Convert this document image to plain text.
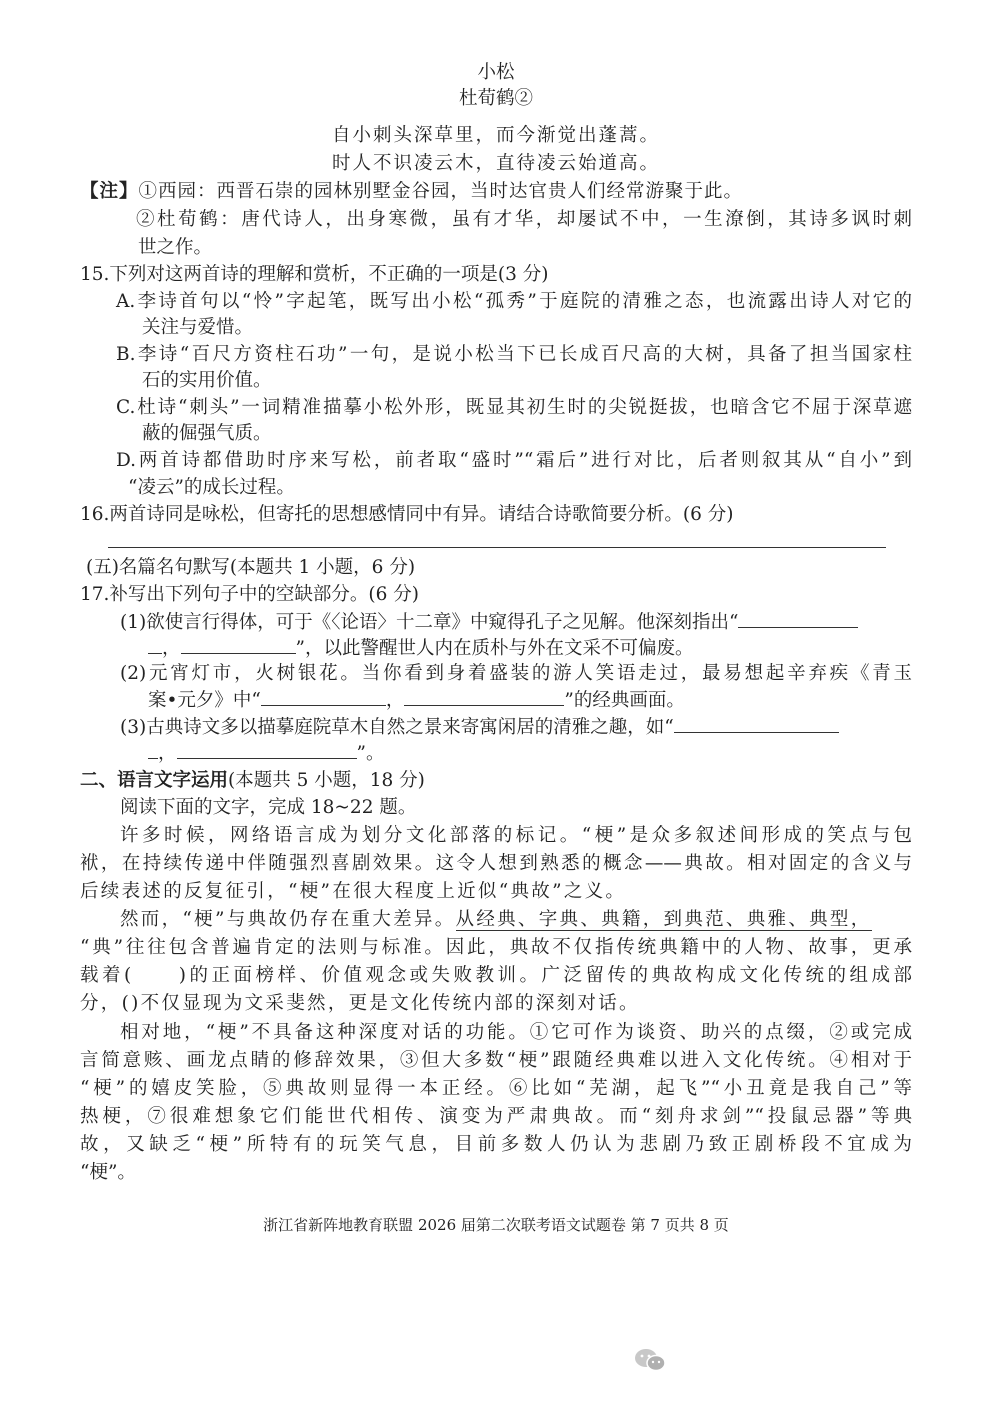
小松
杜荀鹤②
自小刺头深草里，而今渐觉出蓬蒿。
时人不识凌云木，直待凌云始道高。
【注】①西园：西晋石崇的园林别墅金谷园，当时达官贵人们经常游聚于此。
②杜荀鹤：唐代诗人，出身寒微，虽有才华，却屡试不中，一生潦倒，其诗多讽时刺
世之作。
15.下列对这两首诗的理解和赏析，不正确的一项是(3 分)
A.李诗首句以“怜”字起笔，既写出小松“孤秀”于庭院的清雅之态，也流露出诗人对它的
关注与爱惜。
B.李诗“百尺方资柱石功”一句，是说小松当下已长成百尺高的大树，具备了担当国家柱
石的实用价值。
C.杜诗“刺头”一词精准描摹小松外形，既显其初生时的尖锐挺拔，也暗含它不屈于深草遮
蔽的倔强气质。
D.两首诗都借助时序来写松，前者取“盛时”“霜后”进行对比，后者则叙其从“自小”到
“凌云”的成长过程。
16.两首诗同是咏松，但寄托的思想感情同中有异。请结合诗歌简要分析。(6 分)
(五)名篇名句默写(本题共 1 小题，6 分)
17.补写出下列句子中的空缺部分。(6 分)
(1)欲使言行得体，可于《〈论语〉十二章》中窥得孔子之见解。他深刻指出“
，	”，以此警醒世人内在质朴与外在文采不可偏废。
(2)元宵灯市，火树银花。当你看到身着盛装的游人笑语走过，最易想起辛弃疾《青玉
案•元夕》中“	，	”的经典画面。
(3)古典诗文多以描摹庭院草木自然之景来寄寓闲居的清雅之趣，如“
，	”。
二、语言文字运用(本题共 5 小题，18 分)
阅读下面的文字，完成 18~22 题。
许多时候，网络语言成为划分文化部落的标记。“梗”是众多叙述间形成的笑点与包
袱，在持续传递中伴随强烈喜剧效果。这令人想到熟悉的概念——典故。相对固定的含义与
后续表述的反复征引，“梗”在很大程度上近似“典故”之义。
然而，“梗”与典故仍存在重大差异。从经典、字典、典籍，到典范、典雅、典型，
“典”往往包含普遍肯定的法则与标准。因此，典故不仅指传统典籍中的人物、故事，更承
载着(　　)的正面榜样、价值观念或失败教训。广泛留传的典故构成文化传统的组成部
分，()不仅显现为文采斐然，更是文化传统内部的深刻对话。
相对地，“梗”不具备这种深度对话的功能。①它可作为谈资、助兴的点缀，②或完成
言简意赅、画龙点睛的修辞效果，③但大多数“梗”跟随经典难以进入文化传统。④相对于
“梗”的嬉皮笑脸，⑤典故则显得一本正经。⑥比如“芜湖，起飞”“小丑竟是我自己”等
热梗，⑦很难想象它们能世代相传、演变为严肃典故。而“刻舟求剑”“投鼠忌器”等典
故，又缺乏“梗”所特有的玩笑气息，目前多数人仍认为悲剧乃致正剧桥段不宜成为
“梗”。
浙江省新阵地教育联盟 2026 届第二次联考语文试题卷 第 7 页共 8 页
